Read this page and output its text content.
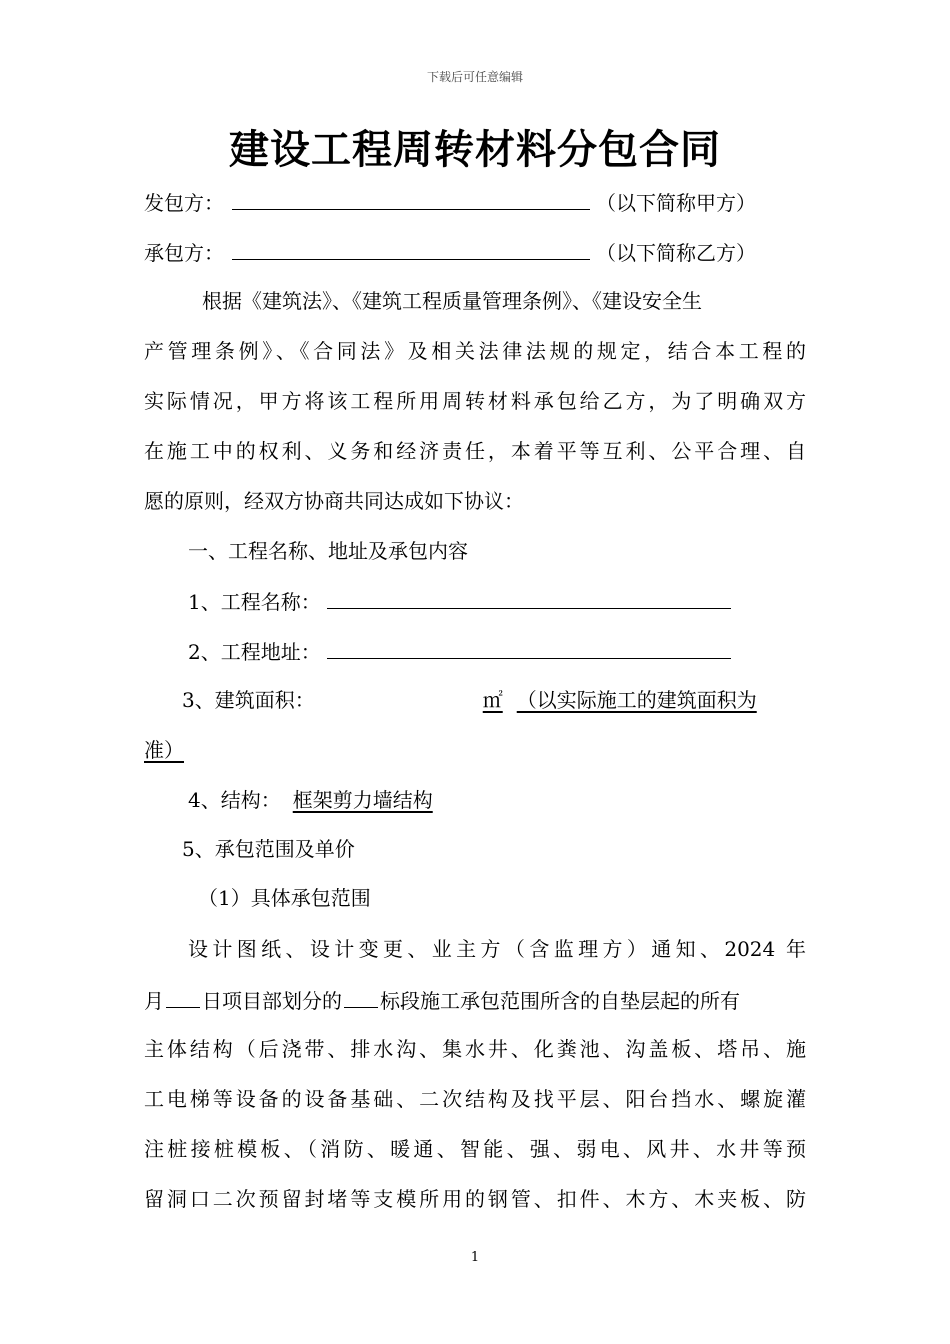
下载后可任意编辑
建设工程周转材料分包合同
发包方：	（以下简称甲方）
承包方：	（以下简称乙方）
根据《建筑法》、《建筑工程质量管理条例》、《建设安全生
产管理条例》、《合同法》及相关法律法规的规定，结合本工程的
实际情况，甲方将该工程所用周转材料承包给乙方，为了明确双方
在施工中的权利、义务和经济责任，本着平等互利、公平合理、自
愿的原则，经双方协商共同达成如下协议：
一、工程名称、地址及承包内容
1、工程名称：
2、工程地址：
3、建筑面积：	㎡ （以实际施工的建筑面积为
准）
4、结构： 框架剪力墙结构
5、承包范围及单价
（1）具体承包范围
设计图纸、设计变更、业主方（含监理方）通知、2024 年
月 日项目部划分的 标段施工承包范围所含的自垫层起的所有
主体结构（后浇带、排水沟、集水井、化粪池、沟盖板、塔吊、施
工电梯等设备的设备基础、二次结构及找平层、阳台挡水、螺旋灌
注桩接桩模板、（消防、暖通、智能、强、弱电、风井、水井等预
留洞口二次预留封堵等支模所用的钢管、扣件、木方、木夹板、防
1
